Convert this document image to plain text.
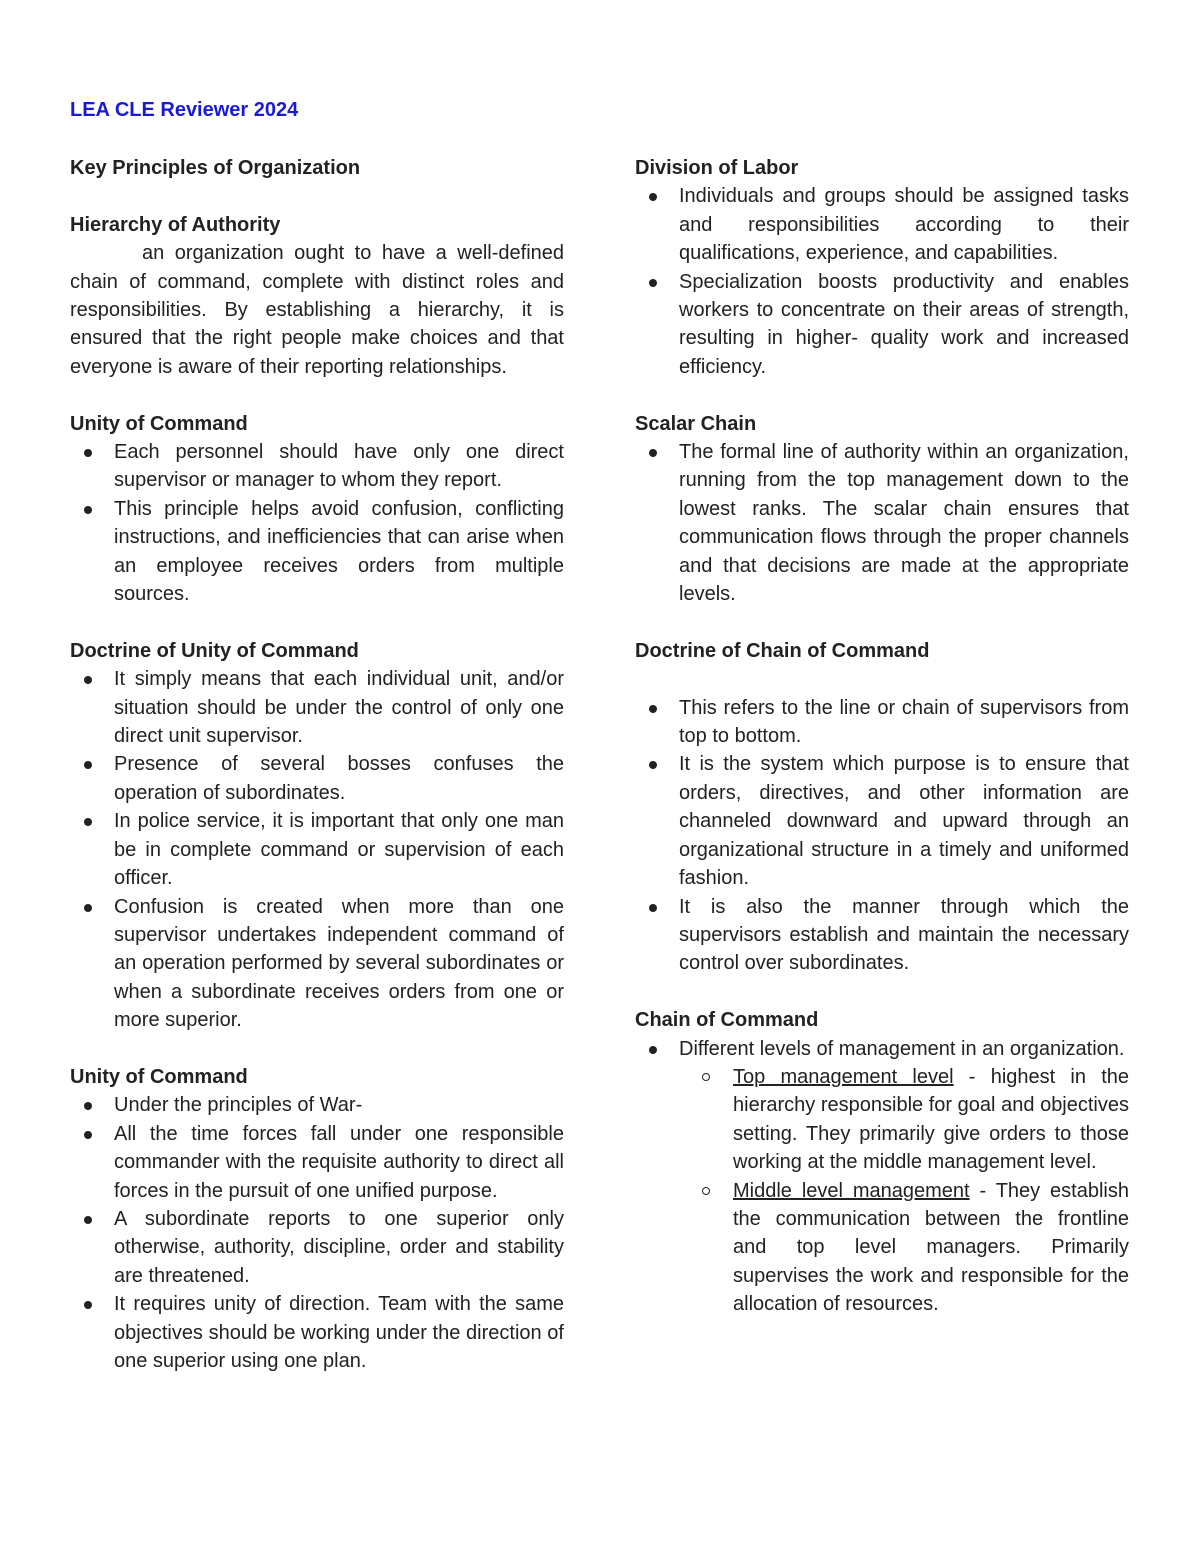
LEA CLE Reviewer 2024
Key Principles of Organization
Hierarchy of Authority

an organization ought to have a well-defined chain of command, complete with distinct roles and responsibilities. By establishing a hierarchy, it is ensured that the right people make choices and that everyone is aware of their reporting relationships.

Unity of Command
Each personnel should have only one direct supervisor or manager to whom they report.
This principle helps avoid confusion, conflicting instructions, and inefficiencies that can arise when an employee receives orders from multiple sources.
Doctrine of Unity of Command
It simply means that each individual unit, and/or situation should be under the control of only one direct unit supervisor.
Presence of several bosses confuses the operation of subordinates.
In police service, it is important that only one man be in complete command or supervision of each officer.
Confusion is created when more than one supervisor undertakes independent command of an operation performed by several subordinates or when a subordinate receives orders from one or more superior.
Unity of Command
Under the principles of War-
All the time forces fall under one responsible commander with the requisite authority to direct all forces in the pursuit of one unified purpose.
A subordinate reports to one superior only otherwise, authority, discipline, order and stability are threatened.
It requires unity of direction. Team with the same objectives should be working under the direction of one superior using one plan.
Division of Labor
Individuals and groups should be assigned tasks and responsibilities according to their qualifications, experience, and capabilities.
Specialization boosts productivity and enables workers to concentrate on their areas of strength, resulting in higher- quality work and increased efficiency.
Scalar Chain
The formal line of authority within an organization, running from the top management down to the lowest ranks. The scalar chain ensures that communication flows through the proper channels and that decisions are made at the appropriate levels.
Doctrine of Chain of Command
This refers to the line or chain of supervisors from top to bottom.
It is the system which purpose is to ensure that orders, directives, and other information are channeled downward and upward through an organizational structure in a timely and uniformed fashion.
It is also the manner through which the supervisors establish and maintain the necessary control over subordinates.
Chain of Command
Different levels of management in an organization.
Top management level - highest in the hierarchy responsible for goal and objectives setting. They primarily give orders to those working at the middle management level.
Middle level management - They establish the communication between the frontline and top level managers. Primarily supervises the work and responsible for the allocation of resources.
